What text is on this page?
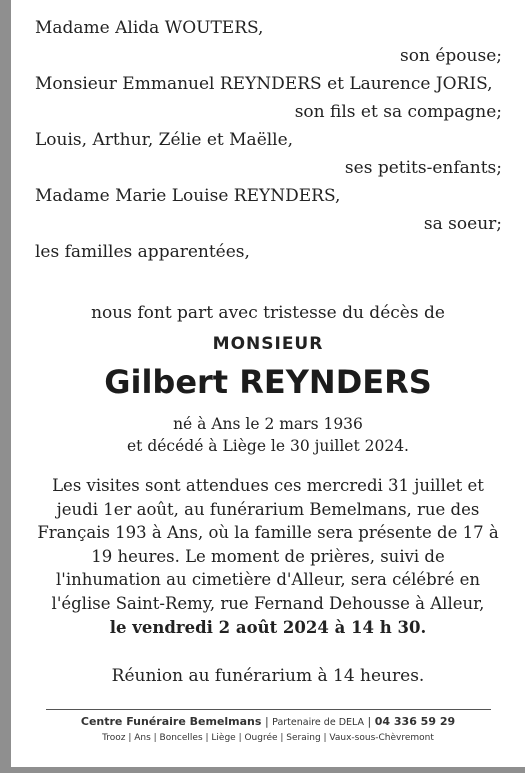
Madame Alida WOUTERS,
son épouse;
Monsieur Emmanuel REYNDERS et Laurence JORIS,
son fils et sa compagne;
Louis, Arthur, Zélie et Maëlle,
ses petits-enfants;
Madame Marie Louise REYNDERS,
sa soeur;
les familles apparentées,
nous font part avec tristesse du décès de
MONSIEUR
Gilbert REYNDERS
né à Ans le 2 mars 1936
et décédé à Liège le 30 juillet 2024.
Les visites sont attendues ces mercredi 31 juillet et
jeudi 1er août, au funérarium Bemelmans, rue des
Français 193 à Ans, où la famille sera présente de 17 à
19 heures. Le moment de prières, suivi de
l'inhumation au cimetière d'Alleur, sera célébré en
l'église Saint-Remy, rue Fernand Dehousse à Alleur,
le vendredi 2 août 2024 à 14 h 30.
Réunion au funérarium à 14 heures.
Centre Funéraire Bemelmans | Partenaire de DELA | 04 336 59 29
Trooz | Ans | Boncelles | Liège | Ougrée | Seraing | Vaux-sous-Chèvremont
